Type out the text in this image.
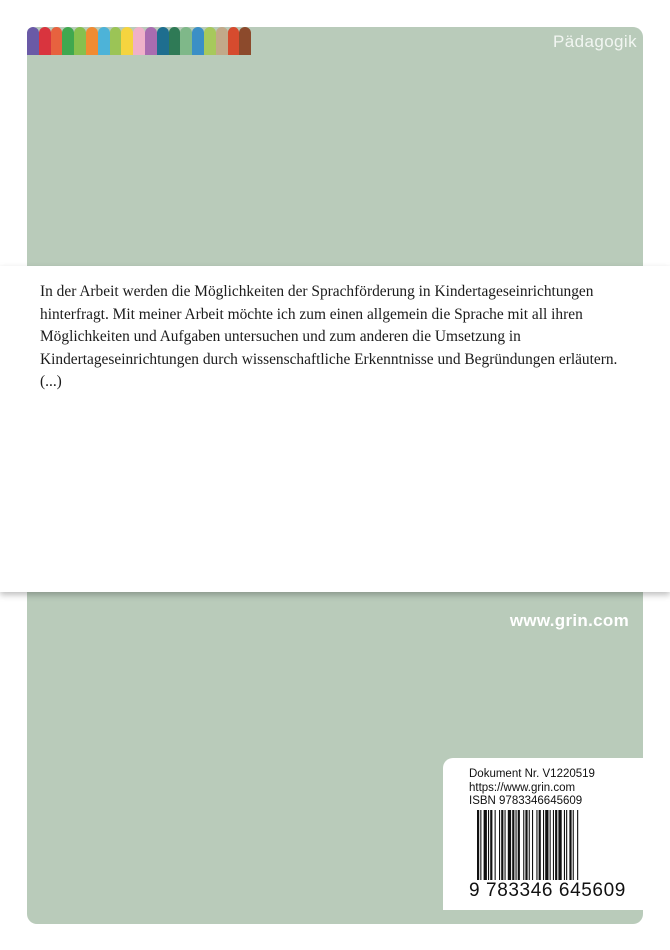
Pädagogik

In der Arbeit werden die Möglichkeiten der Sprachförderung in Kindertageseinrichtungen hinterfragt. Mit meiner Arbeit möchte ich zum einen allgemein die Sprache mit all ihren Möglichkeiten und Aufgaben untersuchen und zum anderen die Umsetzung in Kindertageseinrichtungen durch wissenschaftliche Erkenntnisse und Begründungen erläutern. (...)

www.grin.com
Dokument Nr. V1220519
https://www.grin.com
ISBN 9783346645609
9 783346 645609
